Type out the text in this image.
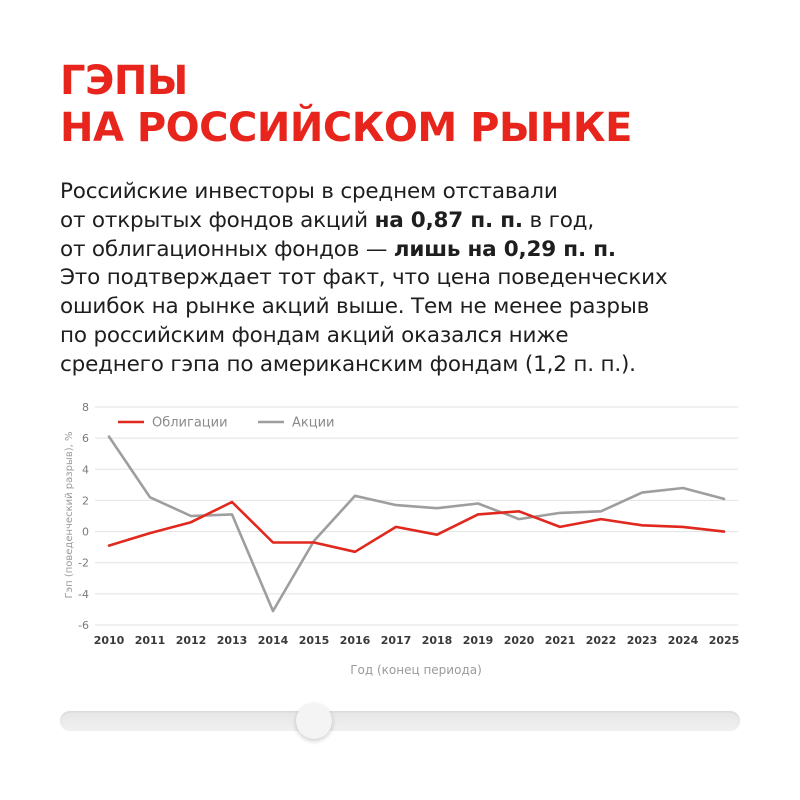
ГЭПЫ
НА РОССИЙСКОМ РЫНКЕ
Российские инвесторы в среднем отставали
от открытых фондов акций на 0,87 п. п. в год,
от облигационных фондов — лишь на 0,29 п. п.
Это подтверждает тот факт, что цена поведенческих
ошибок на рынке акций выше. Тем не менее разрыв
по российским фондам акций оказался ниже
среднего гэпа по американским фондам (1,2 п. п.).
8
6
4
2
0
-2
-4
-6
2010 2011 2012 2013 2014 2015 2016 2017 2018 2019 2020 2021 2022 2023 2024 2025
Облигации	Акции
Гэп (поведенческий разрыв), %
Год (конец периода)
